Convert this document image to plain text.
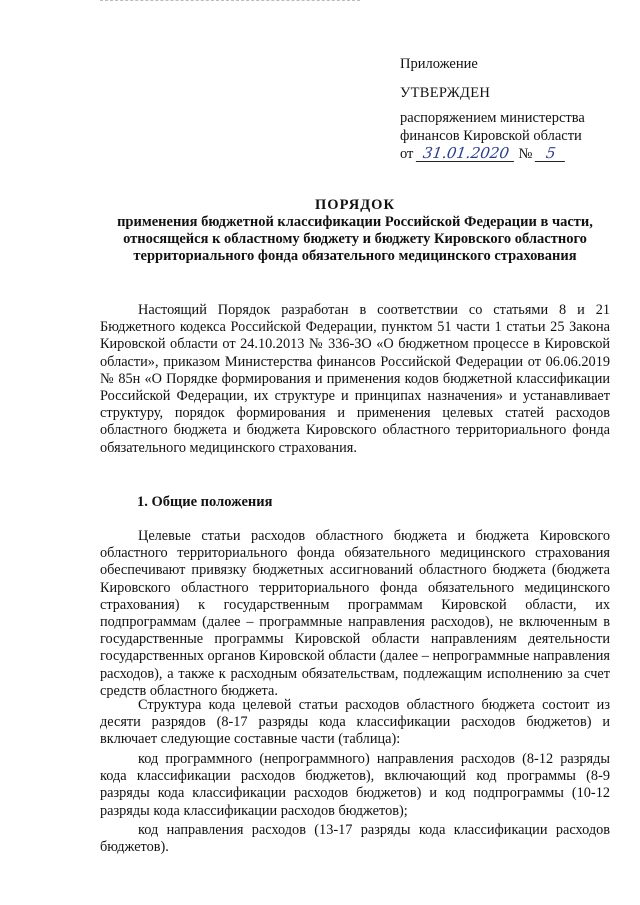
Приложение
УТВЕРЖДЕН
распоряжением министерства финансов Кировской области
от 31.01.2020 № 5
ПОРЯДОК
применения бюджетной классификации Российской Федерации в части, относящейся к областному бюджету и бюджету Кировского областного территориального фонда обязательного медицинского страхования
Настоящий Порядок разработан в соответствии со статьями 8 и 21 Бюджетного кодекса Российской Федерации, пунктом 51 части 1 статьи 25 Закона Кировской области от 24.10.2013 № 336-ЗО «О бюджетном процессе в Кировской области», приказом Министерства финансов Российской Федерации от 06.06.2019 № 85н «О Порядке формирования и применения кодов бюджетной классификации Российской Федерации, их структуре и принципах назначения» и устанавливает структуру, порядок формирования и применения целевых статей расходов областного бюджета и бюджета Кировского областного территориального фонда обязательного медицинского страхования.
1. Общие положения
Целевые статьи расходов областного бюджета и бюджета Кировского областного территориального фонда обязательного медицинского страхования обеспечивают привязку бюджетных ассигнований областного бюджета (бюджета Кировского областного территориального фонда обязательного медицинского страхования) к государственным программам Кировской области, их подпрограммам (далее – программные направления расходов), не включенным в государственные программы Кировской области направлениям деятельности государственных органов Кировской области (далее – непрограммные направления расходов), а также к расходным обязательствам, подлежащим исполнению за счет средств областного бюджета.
Структура кода целевой статьи расходов областного бюджета состоит из десяти разрядов (8-17 разряды кода классификации расходов бюджетов) и включает следующие составные части (таблица):
код программного (непрограммного) направления расходов (8-12 разряды кода классификации расходов бюджетов), включающий код программы (8-9 разряды кода классификации расходов бюджетов) и код подпрограммы (10-12 разряды кода классификации расходов бюджетов);
код направления расходов (13-17 разряды кода классификации расходов бюджетов).
